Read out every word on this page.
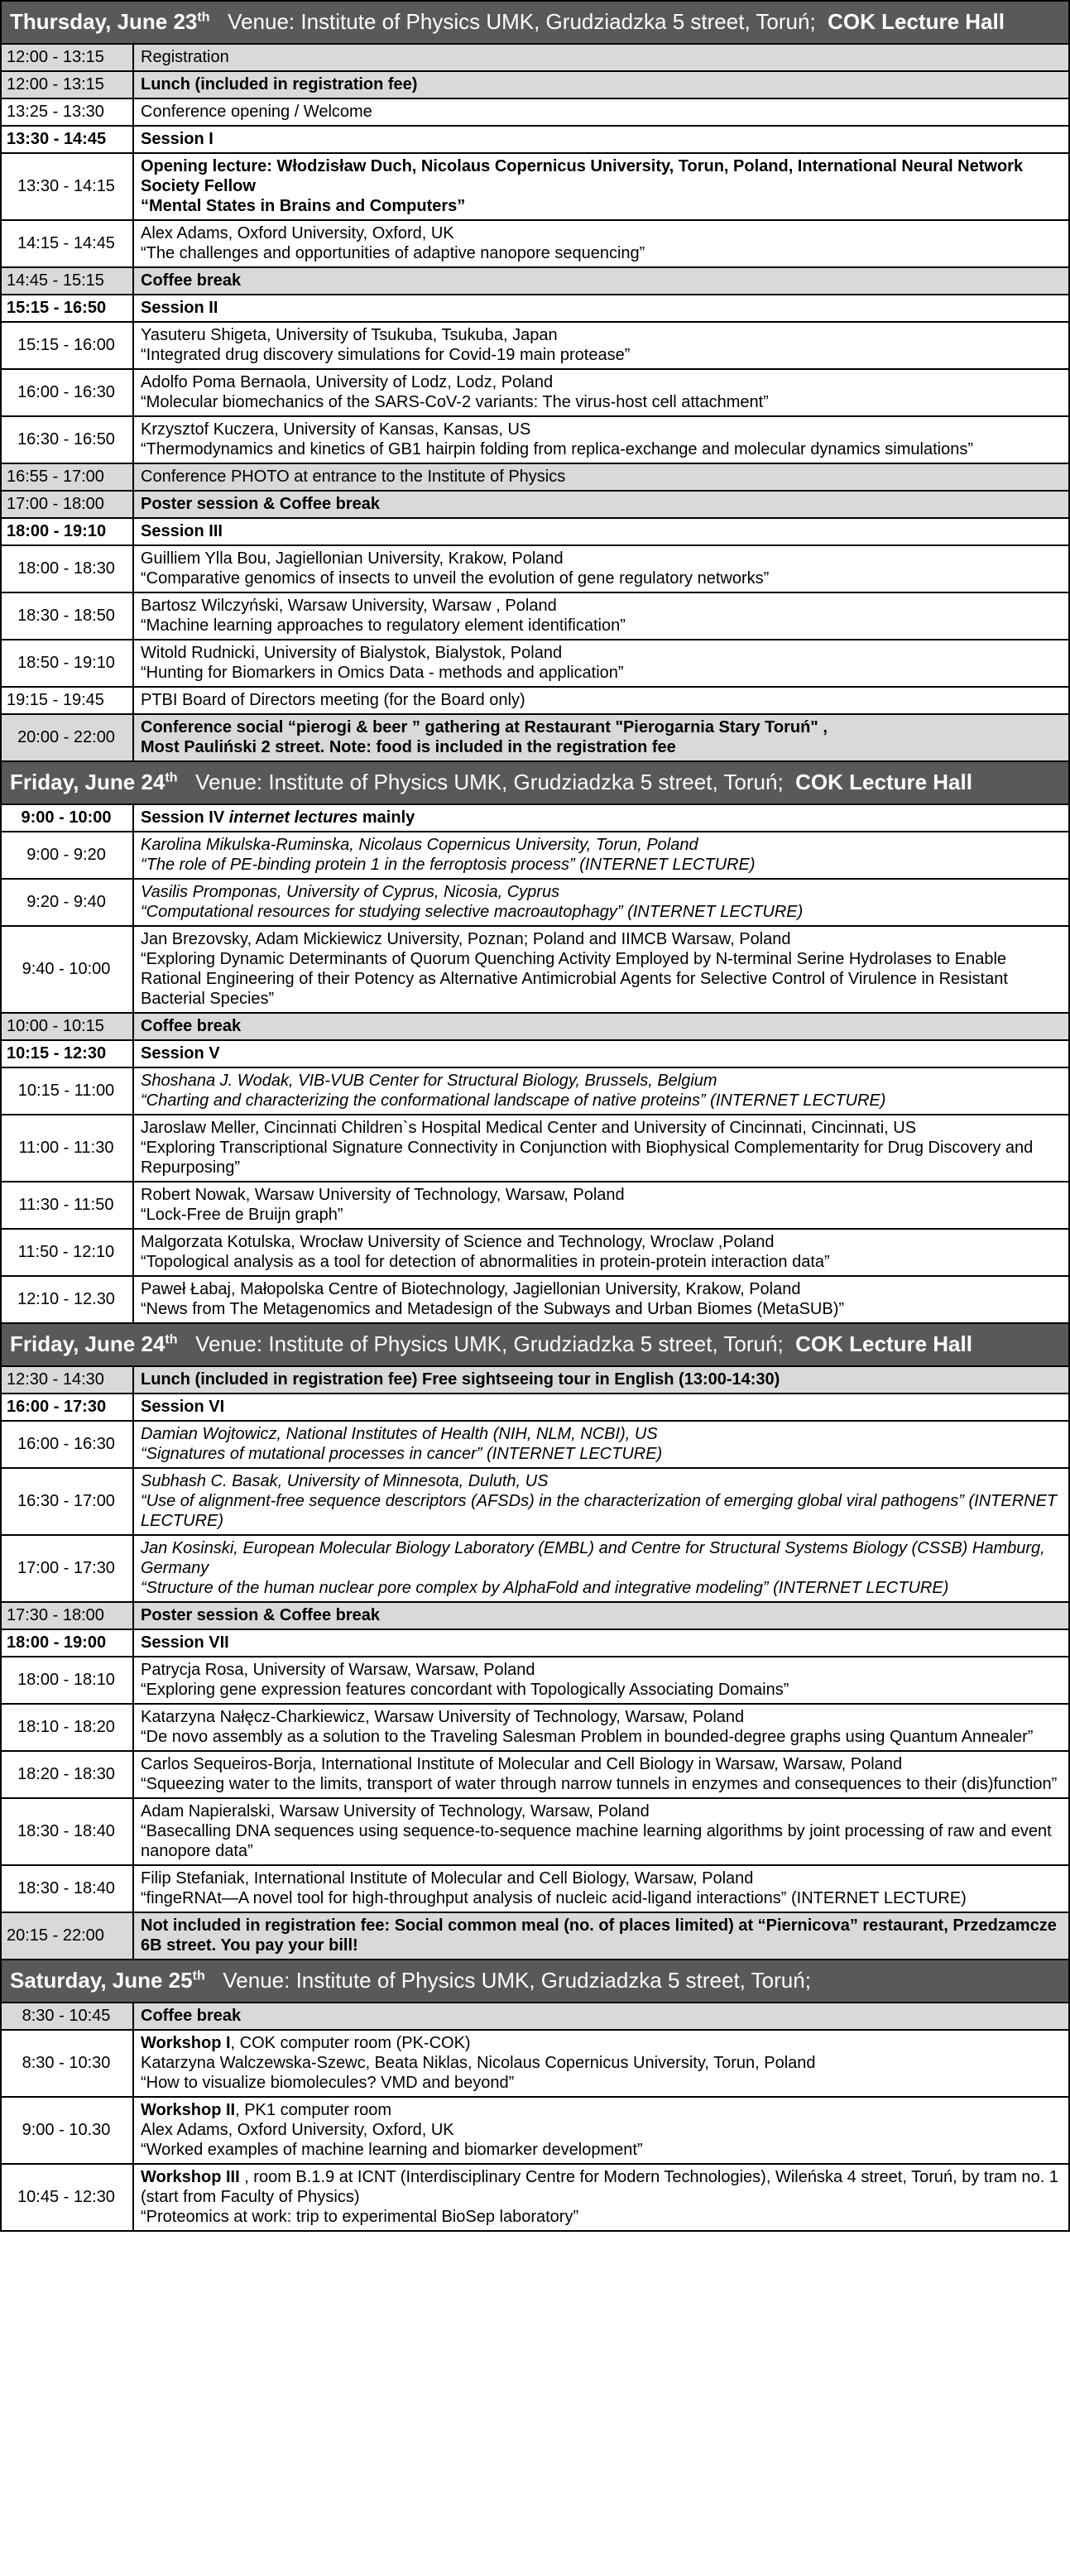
Thursday, June 23th Venue: Institute of Physics UMK, Grudziadzka 5 street, Toruń; COK Lecture Hall	
12:00 - 13:15	Registration
12:00 - 13:15	Lunch (included in registration fee)
13:25 - 13:30	Conference opening / Welcome
13:30 - 14:45	Session I
13:30 - 14:15	Opening lecture: Włodzisław Duch, Nicolaus Copernicus University, Torun, Poland, International Neural Network Society Fellow
“Mental States in Brains and Computers”

14:15 - 14:45	Alex Adams, Oxford University, Oxford, UK
“The challenges and opportunities of adaptive nanopore sequencing”

14:45 - 15:15	Coffee break
15:15 - 16:50	Session II
15:15 - 16:00	Yasuteru Shigeta, University of Tsukuba, Tsukuba, Japan
“Integrated drug discovery simulations for Covid-19 main protease”

16:00 - 16:30	Adolfo Poma Bernaola, University of Lodz, Lodz, Poland
“Molecular biomechanics of the SARS-CoV-2 variants: The virus-host cell attachment”

16:30 - 16:50	Krzysztof Kuczera, University of Kansas, Kansas, US
“Thermodynamics and kinetics of GB1 hairpin folding from replica-exchange and molecular dynamics simulations”

16:55 - 17:00	Conference PHOTO at entrance to the Institute of Physics
17:00 - 18:00	Poster session & Coffee break
18:00 - 19:10	Session III
18:00 - 18:30	Guilliem Ylla Bou, Jagiellonian University, Krakow, Poland
“Comparative genomics of insects to unveil the evolution of gene regulatory networks”

18:30 - 18:50	Bartosz Wilczyński, Warsaw University, Warsaw , Poland
“Machine learning approaches to regulatory element identification”

18:50 - 19:10	Witold Rudnicki, University of Bialystok, Bialystok, Poland
“Hunting for Biomarkers in Omics Data - methods and application”

19:15 - 19:45	PTBI Board of Directors meeting (for the Board only)
20:00 - 22:00	Conference social “pierogi & beer ” gathering at Restaurant "Pierogarnia Stary Toruń" ,
Most Pauliński 2 street. Note: food is included in the registration fee

Friday, June 24th Venue: Institute of Physics UMK, Grudziadzka 5 street, Toruń; COK Lecture Hall	
9:00 - 10:00	Session IV internet lectures mainly
9:00 - 9:20	Karolina Mikulska-Ruminska, Nicolaus Copernicus University, Torun, Poland
“The role of PE-binding protein 1 in the ferroptosis process” (INTERNET LECTURE)

9:20 - 9:40	Vasilis Promponas, University of Cyprus, Nicosia, Cyprus
“Computational resources for studying selective macroautophagy” (INTERNET LECTURE)

9:40 - 10:00	Jan Brezovsky, Adam Mickiewicz University, Poznan; Poland and IIMCB Warsaw, Poland
“Exploring Dynamic Determinants of Quorum Quenching Activity Employed by N-terminal Serine Hydrolases to Enable Rational Engineering of their Potency as Alternative Antimicrobial Agents for Selective Control of Virulence in Resistant Bacterial Species”

10:00 - 10:15	Coffee break
10:15 - 12:30	Session V
10:15 - 11:00	Shoshana J. Wodak, VIB-VUB Center for Structural Biology, Brussels, Belgium
“Charting and characterizing the conformational landscape of native proteins” (INTERNET LECTURE)

11:00 - 11:30	Jaroslaw Meller, Cincinnati Children`s Hospital Medical Center and University of Cincinnati, Cincinnati, US
“Exploring Transcriptional Signature Connectivity in Conjunction with Biophysical Complementarity for Drug Discovery and Repurposing”

11:30 - 11:50	Robert Nowak, Warsaw University of Technology, Warsaw, Poland
“Lock-Free de Bruijn graph”

11:50 - 12:10	Malgorzata Kotulska, Wrocław University of Science and Technology, Wroclaw ,Poland
“Topological analysis as a tool for detection of abnormalities in protein-protein interaction data”

12:10 - 12.30	Paweł Łabaj, Małopolska Centre of Biotechnology, Jagiellonian University, Krakow, Poland
“News from The Metagenomics and Metadesign of the Subways and Urban Biomes (MetaSUB)”

Friday, June 24th Venue: Institute of Physics UMK, Grudziadzka 5 street, Toruń; COK Lecture Hall	
12:30 - 14:30	Lunch (included in registration fee) Free sightseeing tour in English (13:00-14:30)
16:00 - 17:30	Session VI
16:00 - 16:30	Damian Wojtowicz, National Institutes of Health (NIH, NLM, NCBI), US
“Signatures of mutational processes in cancer” (INTERNET LECTURE)

16:30 - 17:00	Subhash C. Basak, University of Minnesota, Duluth, US
“Use of alignment-free sequence descriptors (AFSDs) in the characterization of emerging global viral pathogens” (INTERNET LECTURE)

17:00 - 17:30	Jan Kosinski, European Molecular Biology Laboratory (EMBL) and Centre for Structural Systems Biology (CSSB) Hamburg, Germany
“Structure of the human nuclear pore complex by AlphaFold and integrative modeling” (INTERNET LECTURE)

17:30 - 18:00	Poster session & Coffee break
18:00 - 19:00	Session VII
18:00 - 18:10	Patrycja Rosa, University of Warsaw, Warsaw, Poland
“Exploring gene expression features concordant with Topologically Associating Domains”

18:10 - 18:20	Katarzyna Nałęcz-Charkiewicz, Warsaw University of Technology, Warsaw, Poland
“De novo assembly as a solution to the Traveling Salesman Problem in bounded-degree graphs using Quantum Annealer”

18:20 - 18:30	Carlos Sequeiros-Borja, International Institute of Molecular and Cell Biology in Warsaw, Warsaw, Poland
“Squeezing water to the limits, transport of water through narrow tunnels in enzymes and consequences to their (dis)function”

18:30 - 18:40	Adam Napieralski, Warsaw University of Technology, Warsaw, Poland
“Basecalling DNA sequences using sequence-to-sequence machine learning algorithms by joint processing of raw and event nanopore data”

18:30 - 18:40	Filip Stefaniak, International Institute of Molecular and Cell Biology, Warsaw, Poland
“fingeRNAt—A novel tool for high-throughput analysis of nucleic acid-ligand interactions” (INTERNET LECTURE)

20:15 - 22:00	Not included in registration fee: Social common meal (no. of places limited) at “Piernicova” restaurant, Przedzamcze 6B street. You pay your bill!
Saturday, June 25th Venue: Institute of Physics UMK, Grudziadzka 5 street, Toruń;	
8:30 - 10:45	Coffee break
8:30 - 10:30	Workshop I, COK computer room (PK-COK)
Katarzyna Walczewska-Szewc, Beata Niklas, Nicolaus Copernicus University, Torun, Poland
“How to visualize biomolecules? VMD and beyond”

9:00 - 10.30	Workshop II, PK1 computer room
Alex Adams, Oxford University, Oxford, UK
“Worked examples of machine learning and biomarker development”

10:45 - 12:30	Workshop III , room B.1.9 at ICNT (Interdisciplinary Centre for Modern Technologies), Wileńska 4 street, Toruń, by tram no. 1 (start from Faculty of Physics)
“Proteomics at work: trip to experimental BioSep laboratory”
